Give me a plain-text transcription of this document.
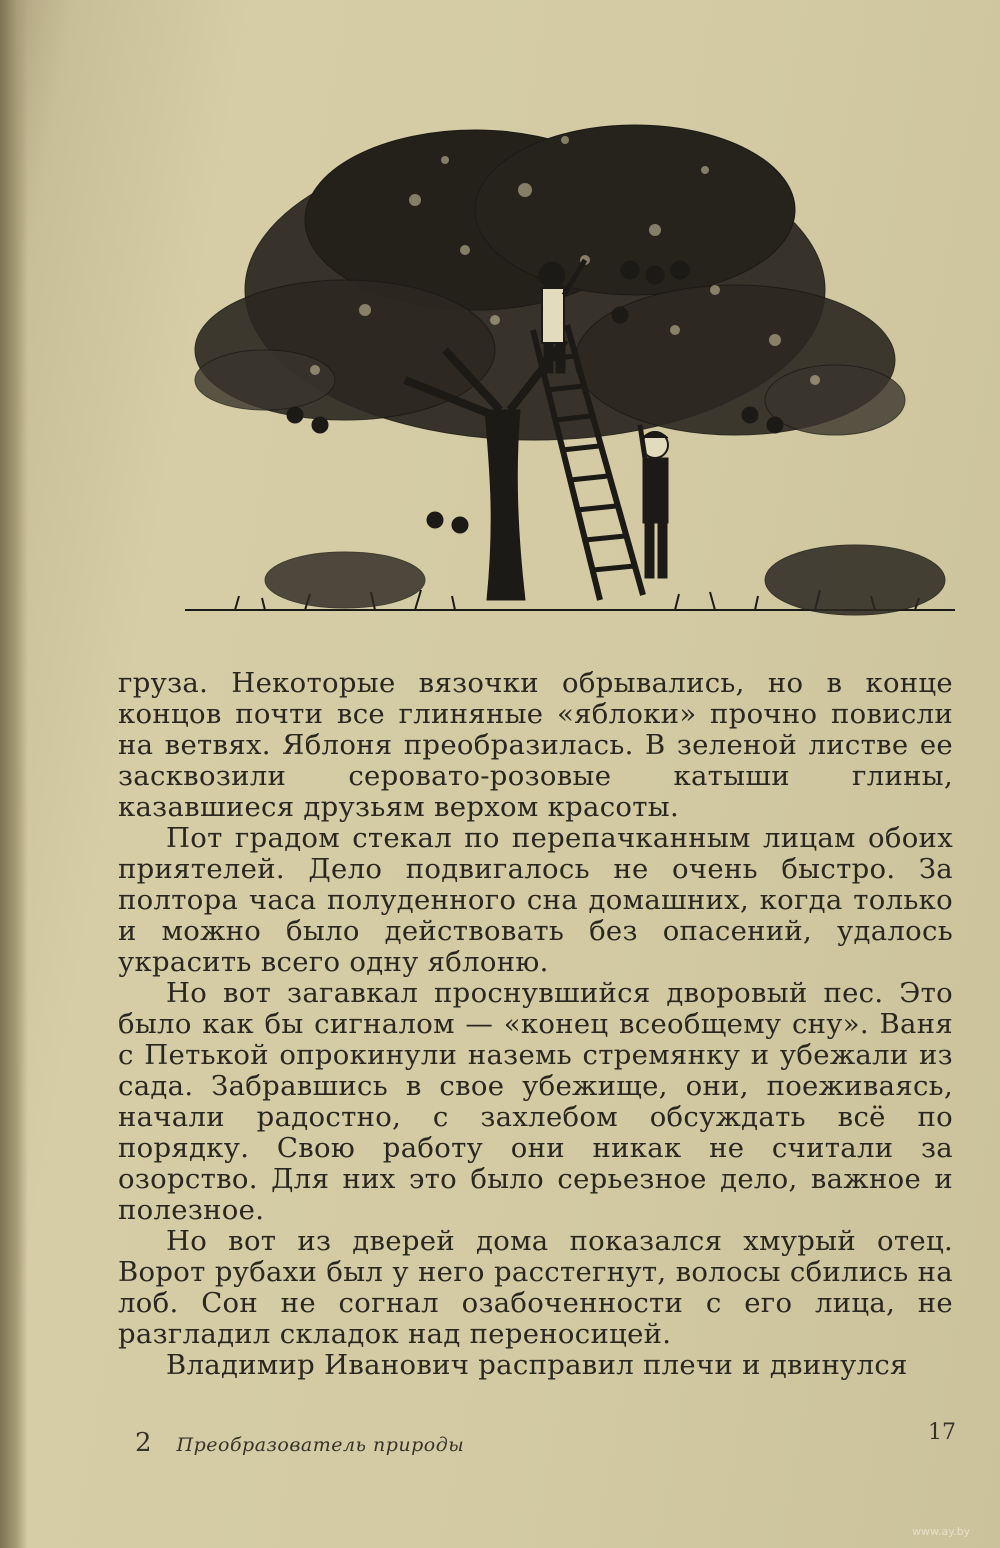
груза. Некоторые вязочки обрывались, но в конце концов почти все глиняные «яблоки» прочно повисли на ветвях. Яблоня преобразилась. В зеленой листве ее засквозили серовато-розовые катыши глины, казавшиеся друзьям верхом красоты.

Пот градом стекал по перепачканным лицам обоих приятелей. Дело подвигалось не очень быстро. За полтора часа полуденного сна домашних, когда только и можно было действовать без опасений, удалось украсить всего одну яблоню.

Но вот загавкал проснувшийся дворовый пес. Это было как бы сигналом — «конец всеобщему сну». Ваня с Петькой опрокинули наземь стремянку и убежали из сада. Забравшись в свое убежище, они, поеживаясь, начали радостно, с захлебом обсуждать всё по порядку. Свою работу они никак не считали за озорство. Для них это было серьезное дело, важное и полезное.

Но вот из дверей дома показался хмурый отец. Ворот рубахи был у него расстегнут, волосы сбились на лоб. Сон не согнал озабоченности с его лица, не разгладил складок над переносицей.

Владимир Иванович расправил плечи и двинулся

2 Преобразователь природы	17
www.ay.by
